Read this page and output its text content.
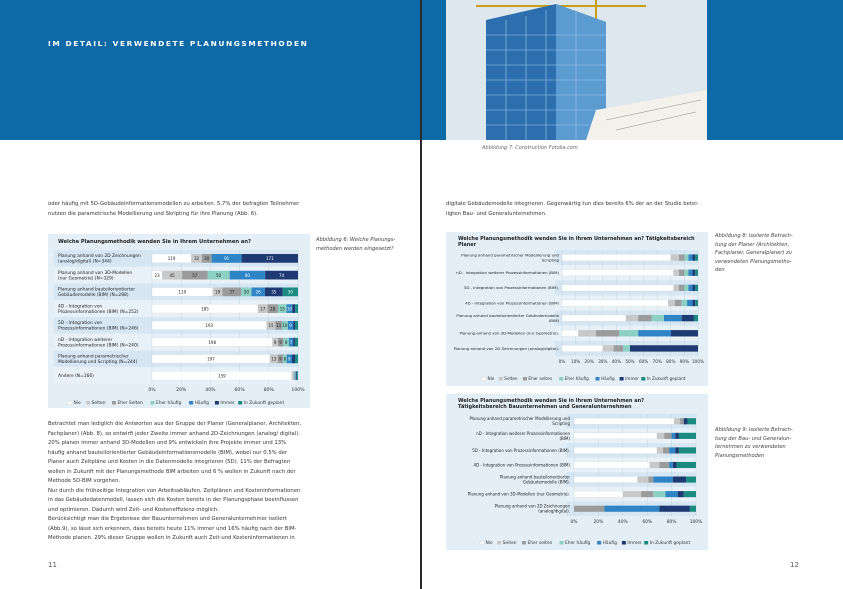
IM DETAIL: VERWENDETE PLANUNGSMETHODEN

oder häufig mit 5D-Gebäudeinformationsmodellen zu arbeiten. 5,7% der befragten Teilnehmer

nutzen die parametrische Modellierung und Skripting für ihre Planung (Abb. 6).

Welche Planungsmethodik wenden Sie in Ihrem Unternehmen an?
0%	20%	40%	60%	80%	100%
Planung anhand von 2D Zeichnungen
(analog/digital) (N=344)
Planung anhand von 3D-Modellen
(nur Geometrie) (N=329)
Planung anhand bauteilorientierter
Gebäudemodelle (BIM) (N=288)
4D - Integration von
Prozessinformationen (BIM) (N=252)
5D - Integration von
Prozessinformationen (BIM) (N=246)
nD - Integration weiterer
Prozessinformationen (BIM) (N=240)
Planung anhand parametrischer
Modellierung und Scripting (N=244)
Andere (N=166)
119	32 30	91	171
23 45	57	50	80	74
119	19 37 20 26	35	30
185	17 18 15 10
193	15 11 10 9
198	9 9 9 7
197	13 9 6 9
159
Nie Selten	Eher Selten	Eher häufig	Häufig	Immer In Zukunft geplant
Abbildung 6: Welche Planungs-
methoden werden eingesetzt?

Betrachtet man lediglich die Antworten aus der Gruppe der Planer (Generalplaner, Architekten,

Fachplaner) (Abb. 8), so entwirft jeder Zweite immer anhand 2D-Zeichnungen (analog/ digital).

20% planen immer anhand 3D-Modellen und 9% entwickeln ihre Projekte immer und 13%

häufig anhand bauteilorientierter Gebäudeinformationsmodelle (BIM), wobei nur 0,5% der

Planer auch Zeitpläne und Kosten in die Datenmodelle integrieren (5D). 11% der Befragten

wollen in Zukunft mit der Planungsmethode BIM arbeiten und 6 % wollen in Zukunft nach der

Methode 5D-BIM vorgehen.

Nur durch die frühzeitige Integration von Arbeitsabläufen, Zeitplänen und Kosteninformationen

in das Gebäudedatenmodell, lassen sich die Kosten bereits in der Planungsphase beeinflussen

und optimieren. Dadurch wird Zeit- und Kosteneffizienz möglich.

Berücksichtigt man die Ergebnisse der Bauunternehmen und Generalunternehmer isoliert

(Abb.9), so lässt sich erkennen, dass bereits heute 11% immer und 16% häufig nach der BIM-

Methode planen. 29% dieser Gruppe wollen in Zukunft auch Zeit-und Kosteninformationen in

11
Abbildung 7: Construction Fotolia.com

digitale Gebäudemodelle integrieren. Gegenwärtig tun dies bereits 6% der an der Studie betei-

ligten Bau- und Generalunternehmen.

Welche Planungsmethodik wenden Sie in Ihrem Unternehmen an? Tätigkeitsbereich
Planer
0% 10% 20% 30% 40% 50% 60% 70% 80% 90% 100%
Planung anhand parametrischer Modellierung und
Scripting
nD - Integration weiterer Prozessinformationen (BIM)
5D - Integration von Prozessinformationen (BIM).
4D - Integration von Prozessinformationen (BIM)
Planung anhand bauteilorientierter Gebäudemodelle
(BIM)
Planung anhand von 3D-Modellen (nur Geometrie).
Planung anhand von 2D Zeichnungen (analog/digital).
Nie Selten	Eher seiten	Eher häufig	Häufig Immer In Zukunft geplant
Abbildung 8: Isolierte Betrach-
tung der Planer (Architekten,
Fachplaner, Generalplaner) zu
verwendeten Planungsmetho-
den
Welche Planungsmethodik wenden Sie in Ihrem Unternehmen an?
Tätigkeitsbereich Bauunternehmen und Generalunternehmen
0%	20%	40%	60%	80%	100%
Planung anhand parametrischer Modellierung und
Scripting
nD - Integration weiterer Prozessinformationen
(BIM)
5D - Integration von Prozessinformationen (BIM).
4D - Integration von Prozessinformationen (BIM)
Planung anhand bauteilorientierter
Gebäudemodelle (BIM).
Planung anhand von 3D-Modellen (nur Geometrie).
Planung anhand von 2D Zeichnungen
(analog/digital).
Nie Seiten Eher seiten	Eher häufig	Häufig Immer In Zukunft geplant
Abbildung 9: Isolierte Betrach-
tung der Bau- und Generalun-
ternehmen zu verwendeten
Planungsmethoden
12
